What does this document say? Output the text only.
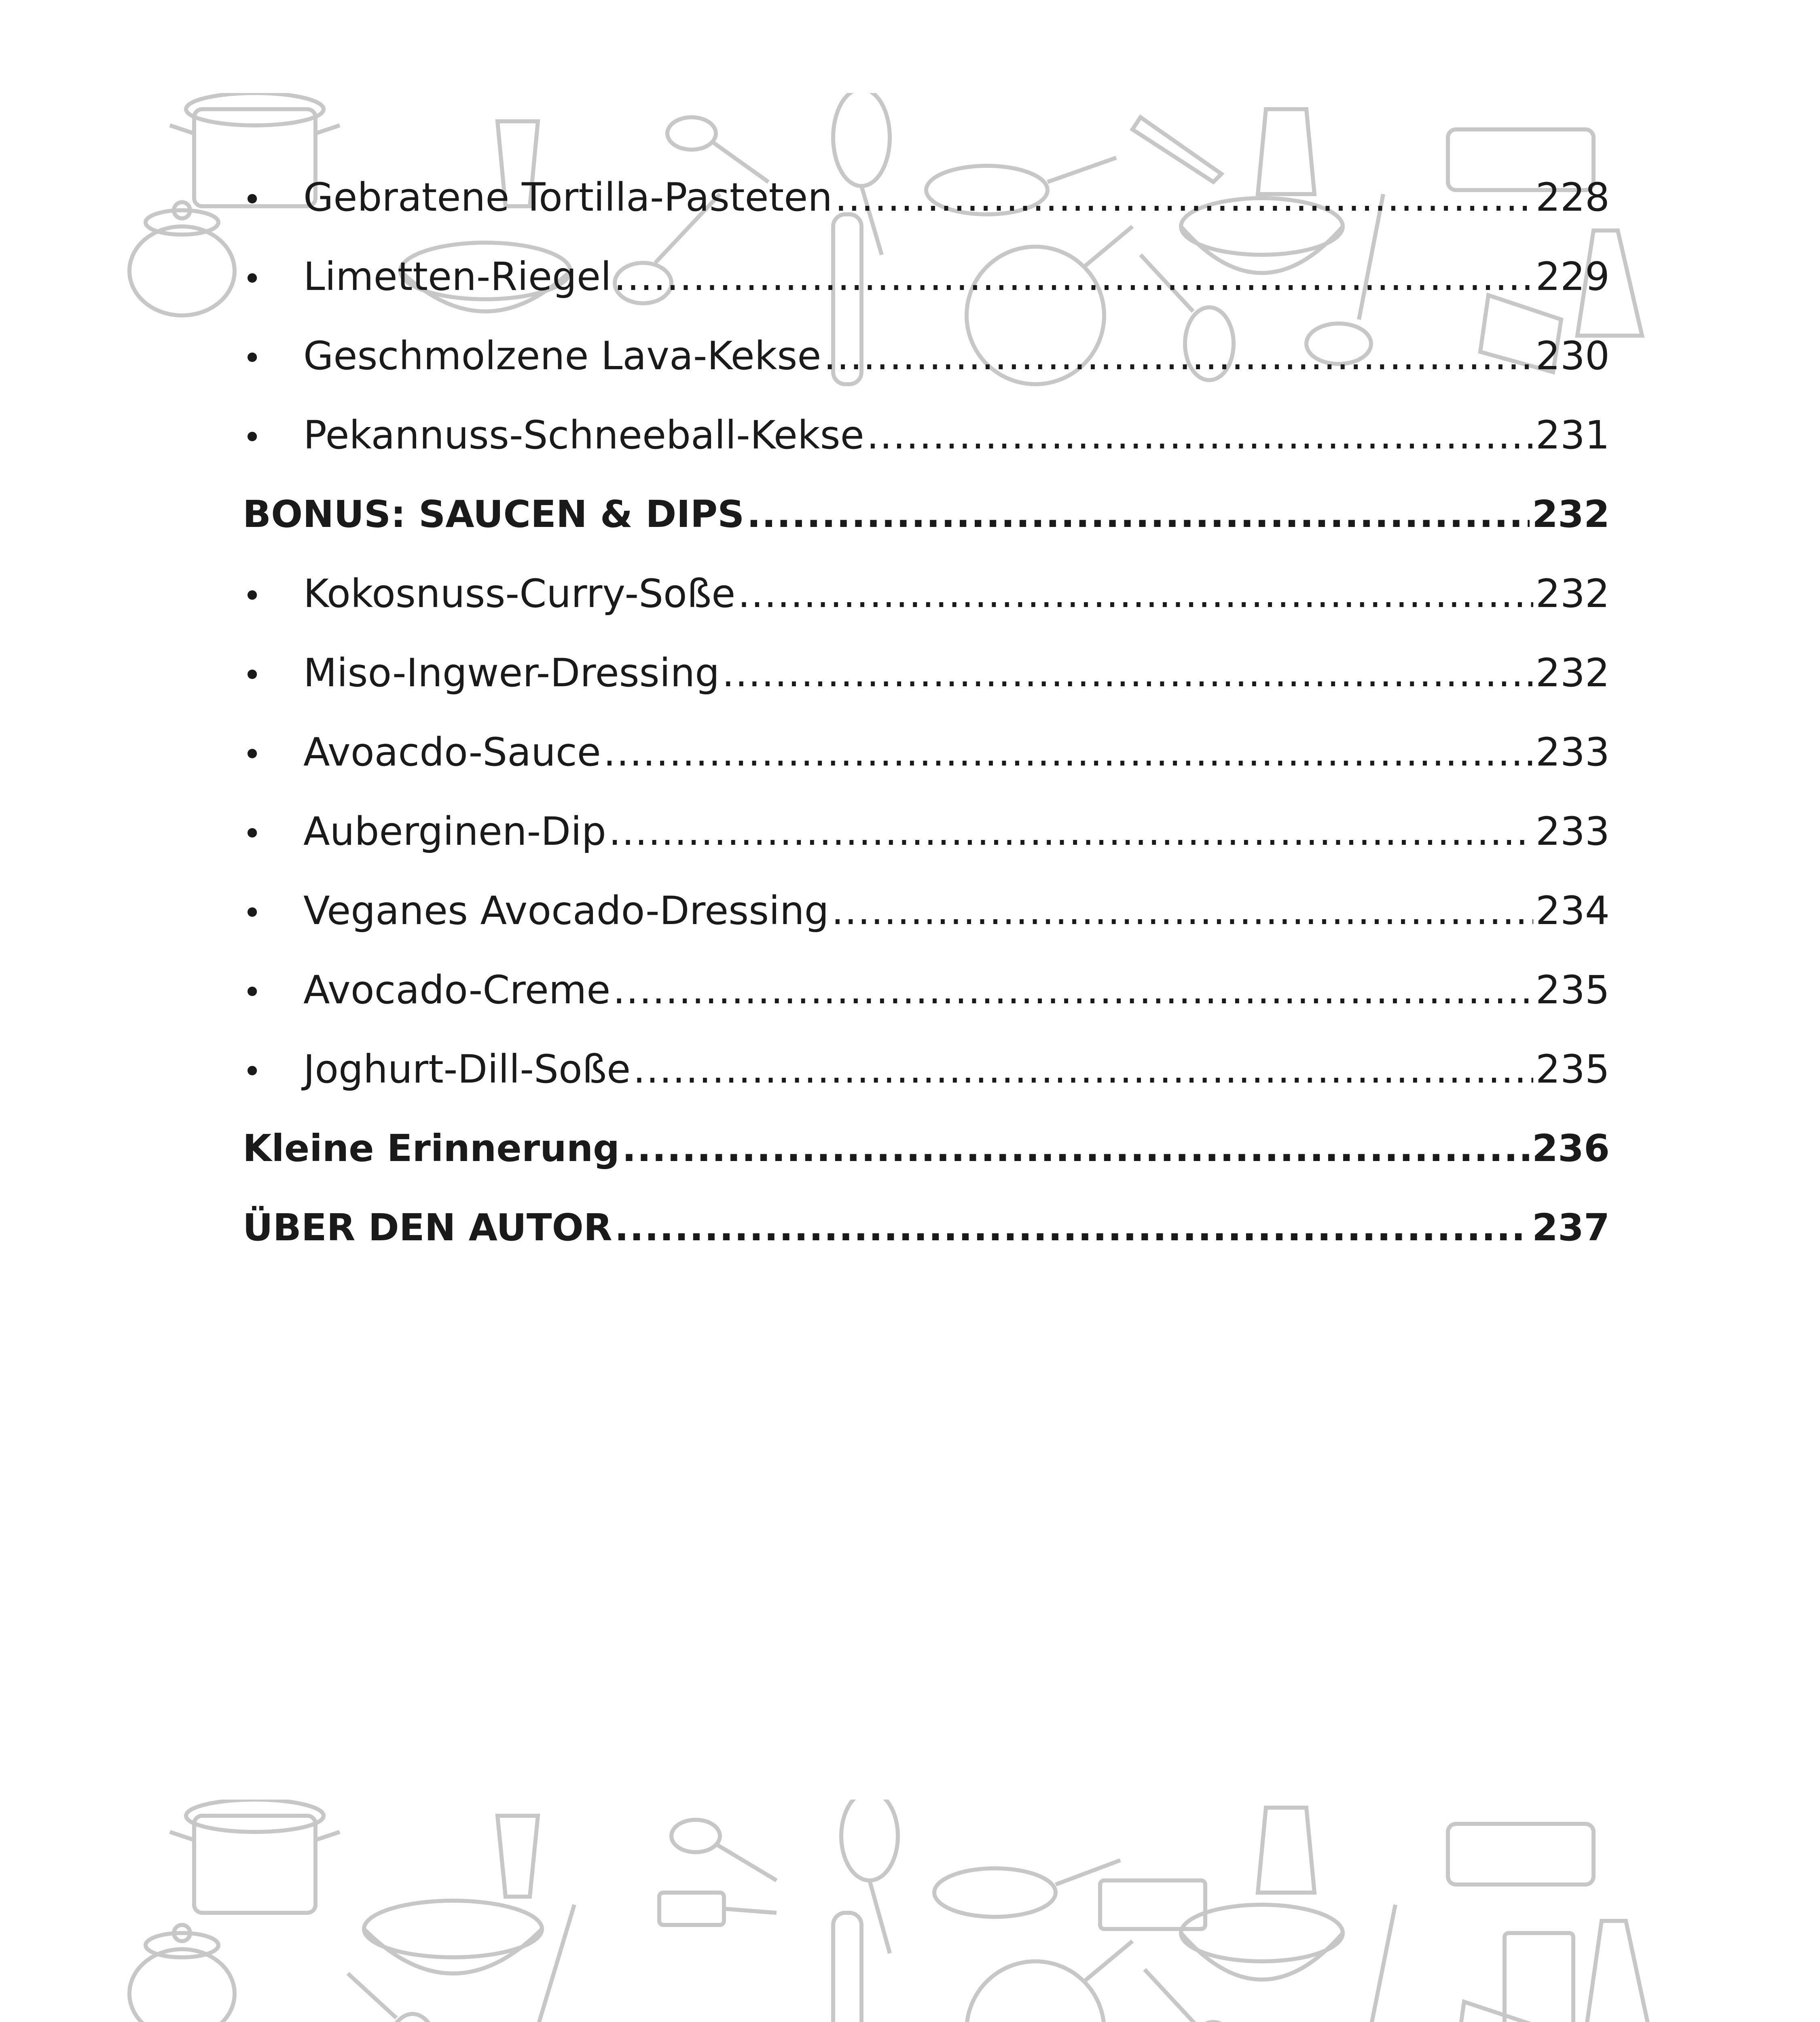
•	Gebratene Tortilla-Pasteten .....	228
•	Limetten-Riegel .....	229
•	Geschmolzene Lava-Kekse .....	230
•	Pekannuss-Schneeball-Kekse .....	231
BONUS: SAUCEN & DIPS .....	232
•	Kokosnuss-Curry-Soße .....	232
•	Miso-Ingwer-Dressing .....	232
•	Avoacdo-Sauce .....	233
•	Auberginen-Dip .....	233
•	Veganes Avocado-Dressing .....	234
•	Avocado-Creme .....	235
•	Joghurt-Dill-Soße .....	235
Kleine Erinnerung .....	236
ÜBER DEN AUTOR .....	237
